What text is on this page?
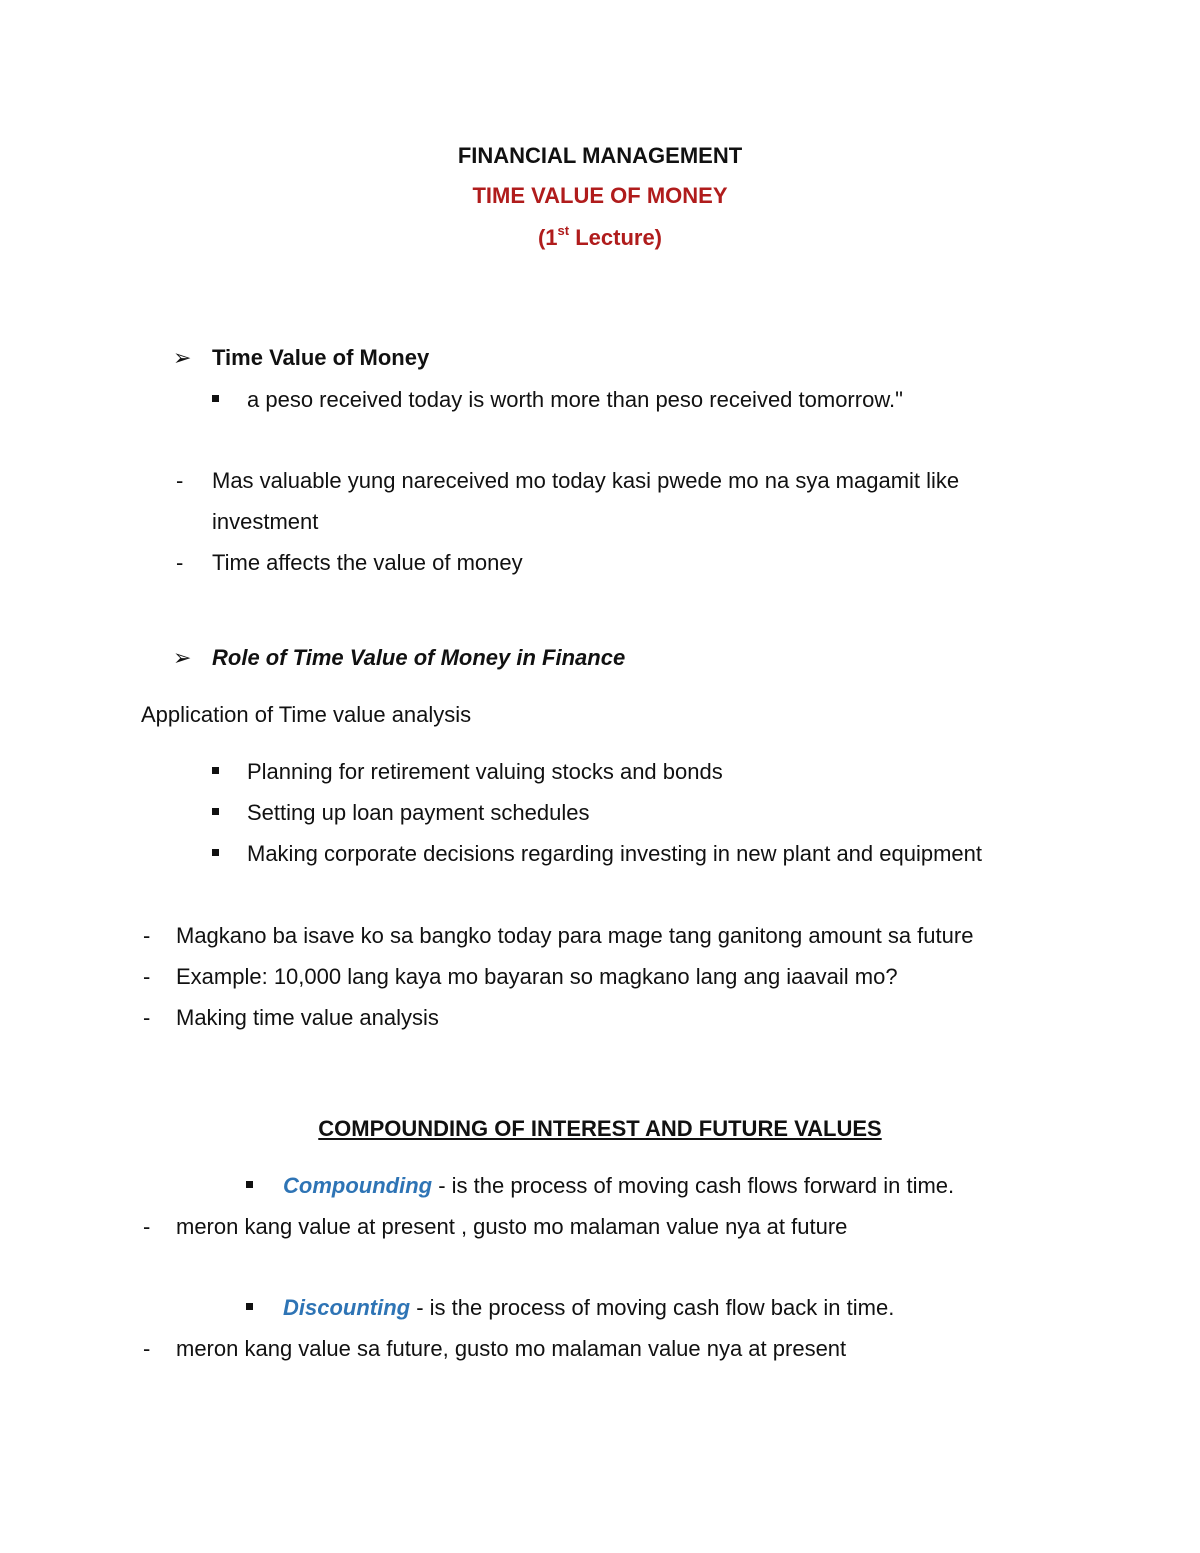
FINANCIAL MANAGEMENT
TIME VALUE OF MONEY
(1st Lecture)
➢ Time Value of Money
a peso received today is worth more than peso received tomorrow."
- Mas valuable yung nareceived mo today kasi pwede mo na sya magamit like
investment
- Time affects the value of money
➢ Role of Time Value of Money in Finance
Application of Time value analysis
Planning for retirement valuing stocks and bonds
Setting up loan payment schedules
Making corporate decisions regarding investing in new plant and equipment
- Magkano ba isave ko sa bangko today para mage tang ganitong amount sa future
- Example: 10,000 lang kaya mo bayaran so magkano lang ang iaavail mo?
- Making time value analysis
COMPOUNDING OF INTEREST AND FUTURE VALUES
Compounding - is the process of moving cash flows forward in time.
- meron kang value at present , gusto mo malaman value nya at future
Discounting - is the process of moving cash flow back in time.
- meron kang value sa future, gusto mo malaman value nya at present
